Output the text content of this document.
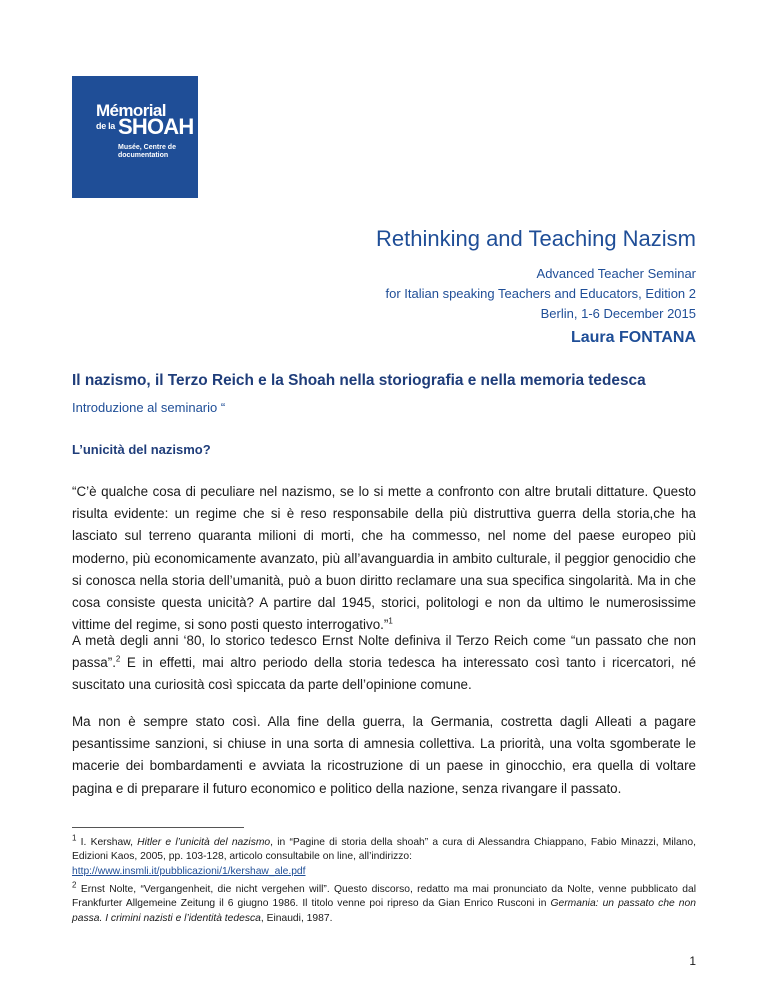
Mémorial
de la SHOAH
Musée, Centre de documentation
Rethinking and Teaching Nazism
Advanced Teacher Seminar
for Italian speaking Teachers and Educators, Edition 2
Berlin, 1-6 December 2015
Laura FONTANA
Il nazismo, il Terzo Reich e la Shoah nella storiografia e nella memoria tedesca
Introduzione al seminario “
L’unicità del nazismo?
“C’è qualche cosa di peculiare nel nazismo, se lo si mette a confronto con altre brutali dittature. Questo risulta evidente: un regime che si è reso responsabile della più distruttiva guerra della storia,che ha lasciato sul terreno quaranta milioni di morti, che ha commesso, nel nome del paese europeo più moderno, più economicamente avanzato, più all’avanguardia in ambito culturale, il peggior genocidio che si conosca nella storia dell’umanità, può a buon diritto reclamare una sua specifica singolarità. Ma in che cosa consiste questa unicità? A partire dal 1945, storici, politologi e non da ultimo le numerosissime vittime del regime, si sono posti questo interrogativo.”$^1$
A metà degli anni ‘80, lo storico tedesco Ernst Nolte definiva il Terzo Reich come “un passato che non passa”.$^2$ E in effetti, mai altro periodo della storia tedesca ha interessato così tanto i ricercatori, né suscitato una curiosità così spiccata da parte dell’opinione comune.
Ma non è sempre stato così. Alla fine della guerra, la Germania, costretta dagli Alleati a pagare pesantissime sanzioni, si chiuse in una sorta di amnesia collettiva. La priorità, una volta sgomberate le macerie dei bombardamenti e avviata la ricostruzione di un paese in ginocchio, era quella di voltare pagina e di preparare il futuro economico e politico della nazione, senza rivangare il passato.
$^1$ I. Kershaw, Hitler e l’unicità del nazismo, in “Pagine di storia della shoah” a cura di Alessandra Chiappano, Fabio Minazzi, Milano, Edizioni Kaos, 2005, pp. 103-128, articolo consultabile on line, all’indirizzo:
http://www.insmli.it/pubblicazioni/1/kershaw_ale.pdf
$^2$ Ernst Nolte, “Vergangenheit, die nicht vergehen will”. Questo discorso, redatto ma mai pronunciato da Nolte, venne pubblicato dal Frankfurter Allgemeine Zeitung il 6 giugno 1986. Il titolo venne poi ripreso da Gian Enrico Rusconi in Germania: un passato che non passa. I crimini nazisti e l’identità tedesca, Einaudi, 1987.
1
